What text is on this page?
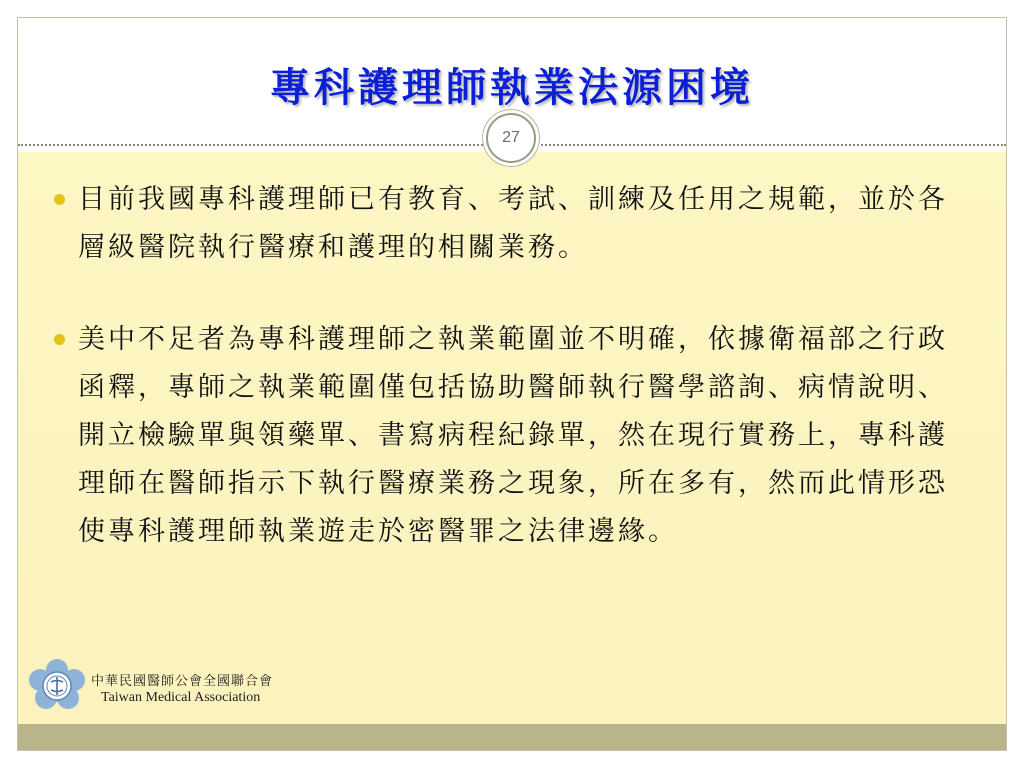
專科護理師執業法源困境
27
目前我國專科護理師已有教育、考試、訓練及任用之規範，並於各層級醫院執行醫療和護理的相關業務。
美中不足者為專科護理師之執業範圍並不明確，依據衛福部之行政函釋，專師之執業範圍僅包括協助醫師執行醫學諮詢、病情說明、開立檢驗單與領藥單、書寫病程紀錄單，然在現行實務上，專科護理師在醫師指示下執行醫療業務之現象，所在多有，然而此情形恐使專科護理師執業遊走於密醫罪之法律邊緣。
中華民國醫師公會全國聯合會
Taiwan Medical Association
